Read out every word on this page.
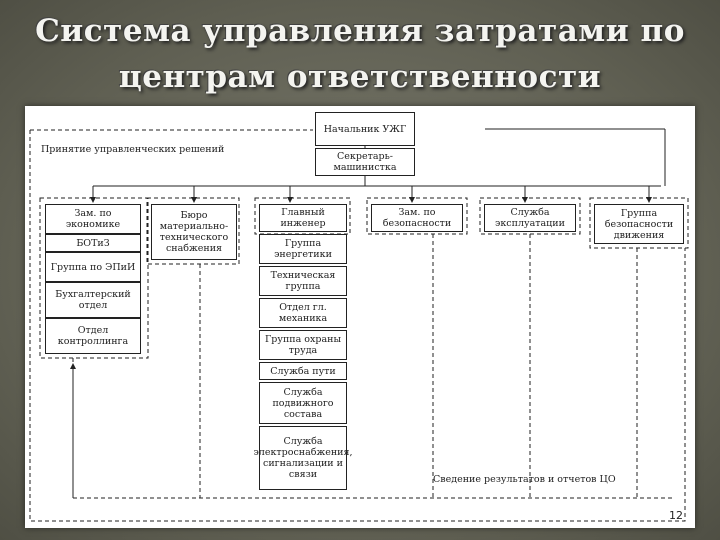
Система управления затратами по
центрам ответственности
Начальник УЖГ
Секретарь-машинистка
Принятие управленческих решений
Зам. по экономике
БОТиЗ
Группа по ЭПиИ
Бухгалтерский отдел
Отдел контроллинга
Бюро материально-технического снабжения
Главный инженер
Группа энергетики
Техническая группа
Отдел гл. механика
Группа охраны труда
Служба пути
Служба подвижного состава
Служба электроснабжения, сигнализации и связи
Зам. по безопасности
Служба эксплуатации
Группа безопасности движения
Сведение результатов и отчетов ЦО
12
